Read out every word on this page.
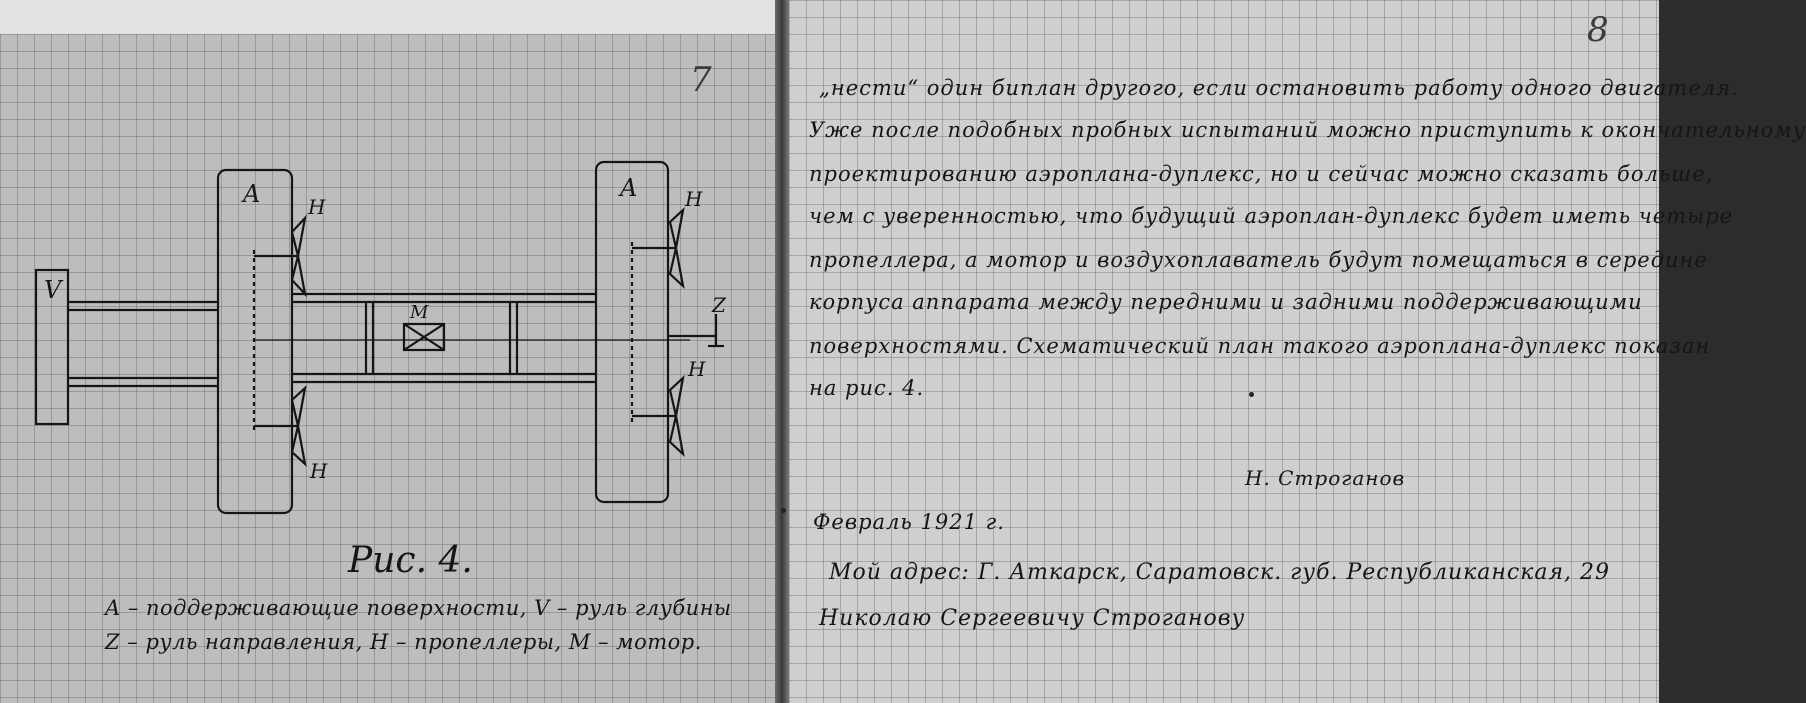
7
A	A
V
Z
M
H
H
H
H
Рис. 4.
A – поддерживающие поверхности, V – руль глубины
Z – руль направления, H – пропеллеры, M – мотор.
8
„нести“ один биплан другого, если остановить работу одного двигателя.
Уже после подобных пробных испытаний можно приступить к окончательному
проектированию аэроплана-дуплекс, но и сейчас можно сказать больше,
чем с уверенностью, что будущий аэроплан-дуплекс будет иметь четыре
пропеллера, а мотор и воздухоплаватель будут помещаться в середине
корпуса аппарата между передними и задними поддерживающими
поверхностями. Схематический план такого аэроплана-дуплекс показан
на рис. 4.
Н. Строганов
Февраль 1921 г.
Мой адрес: Г. Аткарск, Саратовск. губ. Республиканская, 29
Николаю Сергеевичу Строганову
